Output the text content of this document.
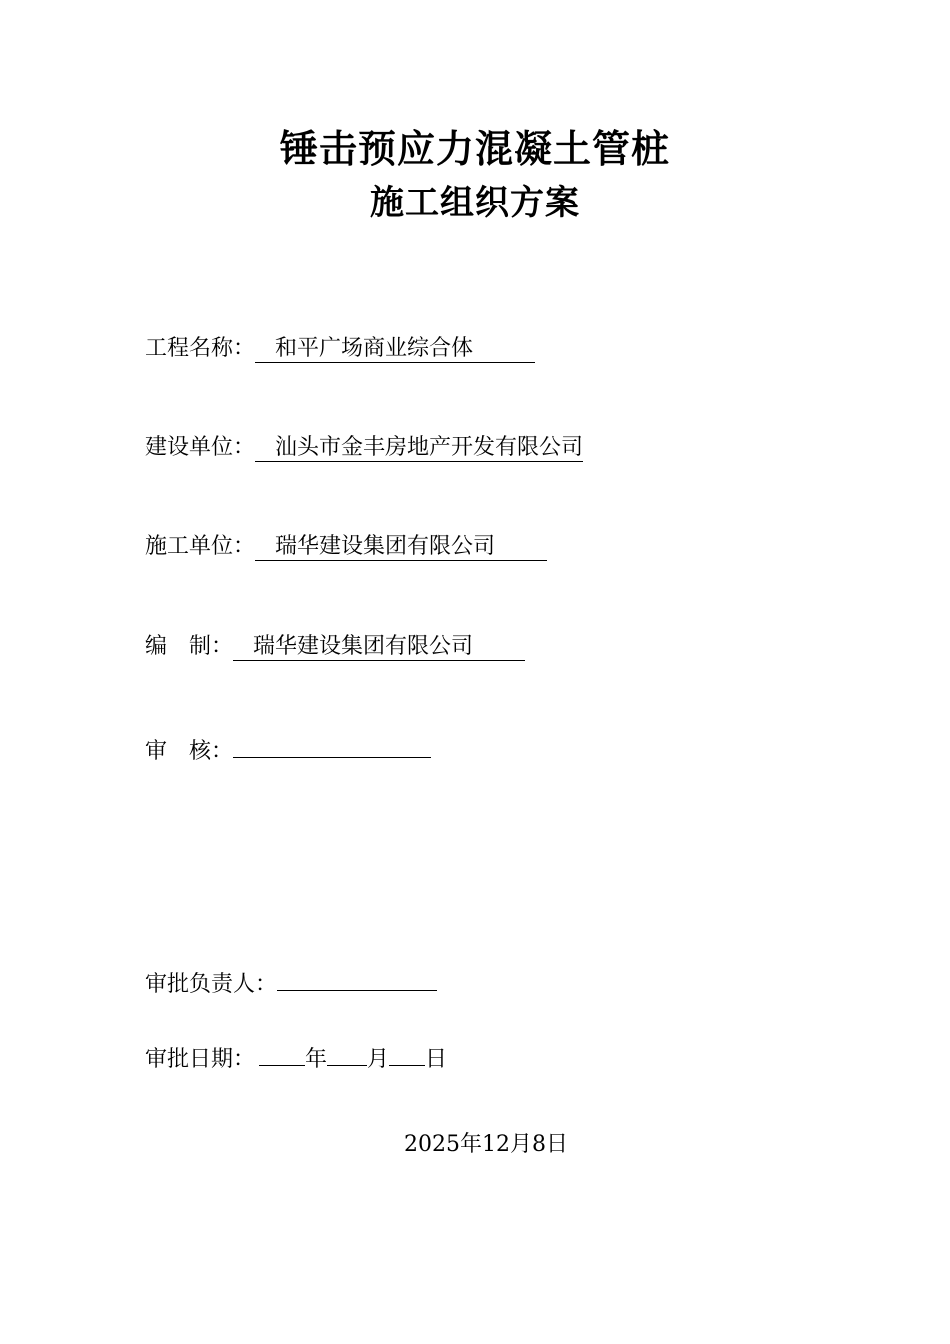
锤击预应力混凝土管桩
施工组织方案
工程名称： 和平广场商业综合体
建设单位： 汕头市金丰房地产开发有限公司
施工单位： 瑞华建设集团有限公司
编　制： 瑞华建设集团有限公司
审　核：
审批负责人：
审批日期： 年 月 日
2025年12月8日
